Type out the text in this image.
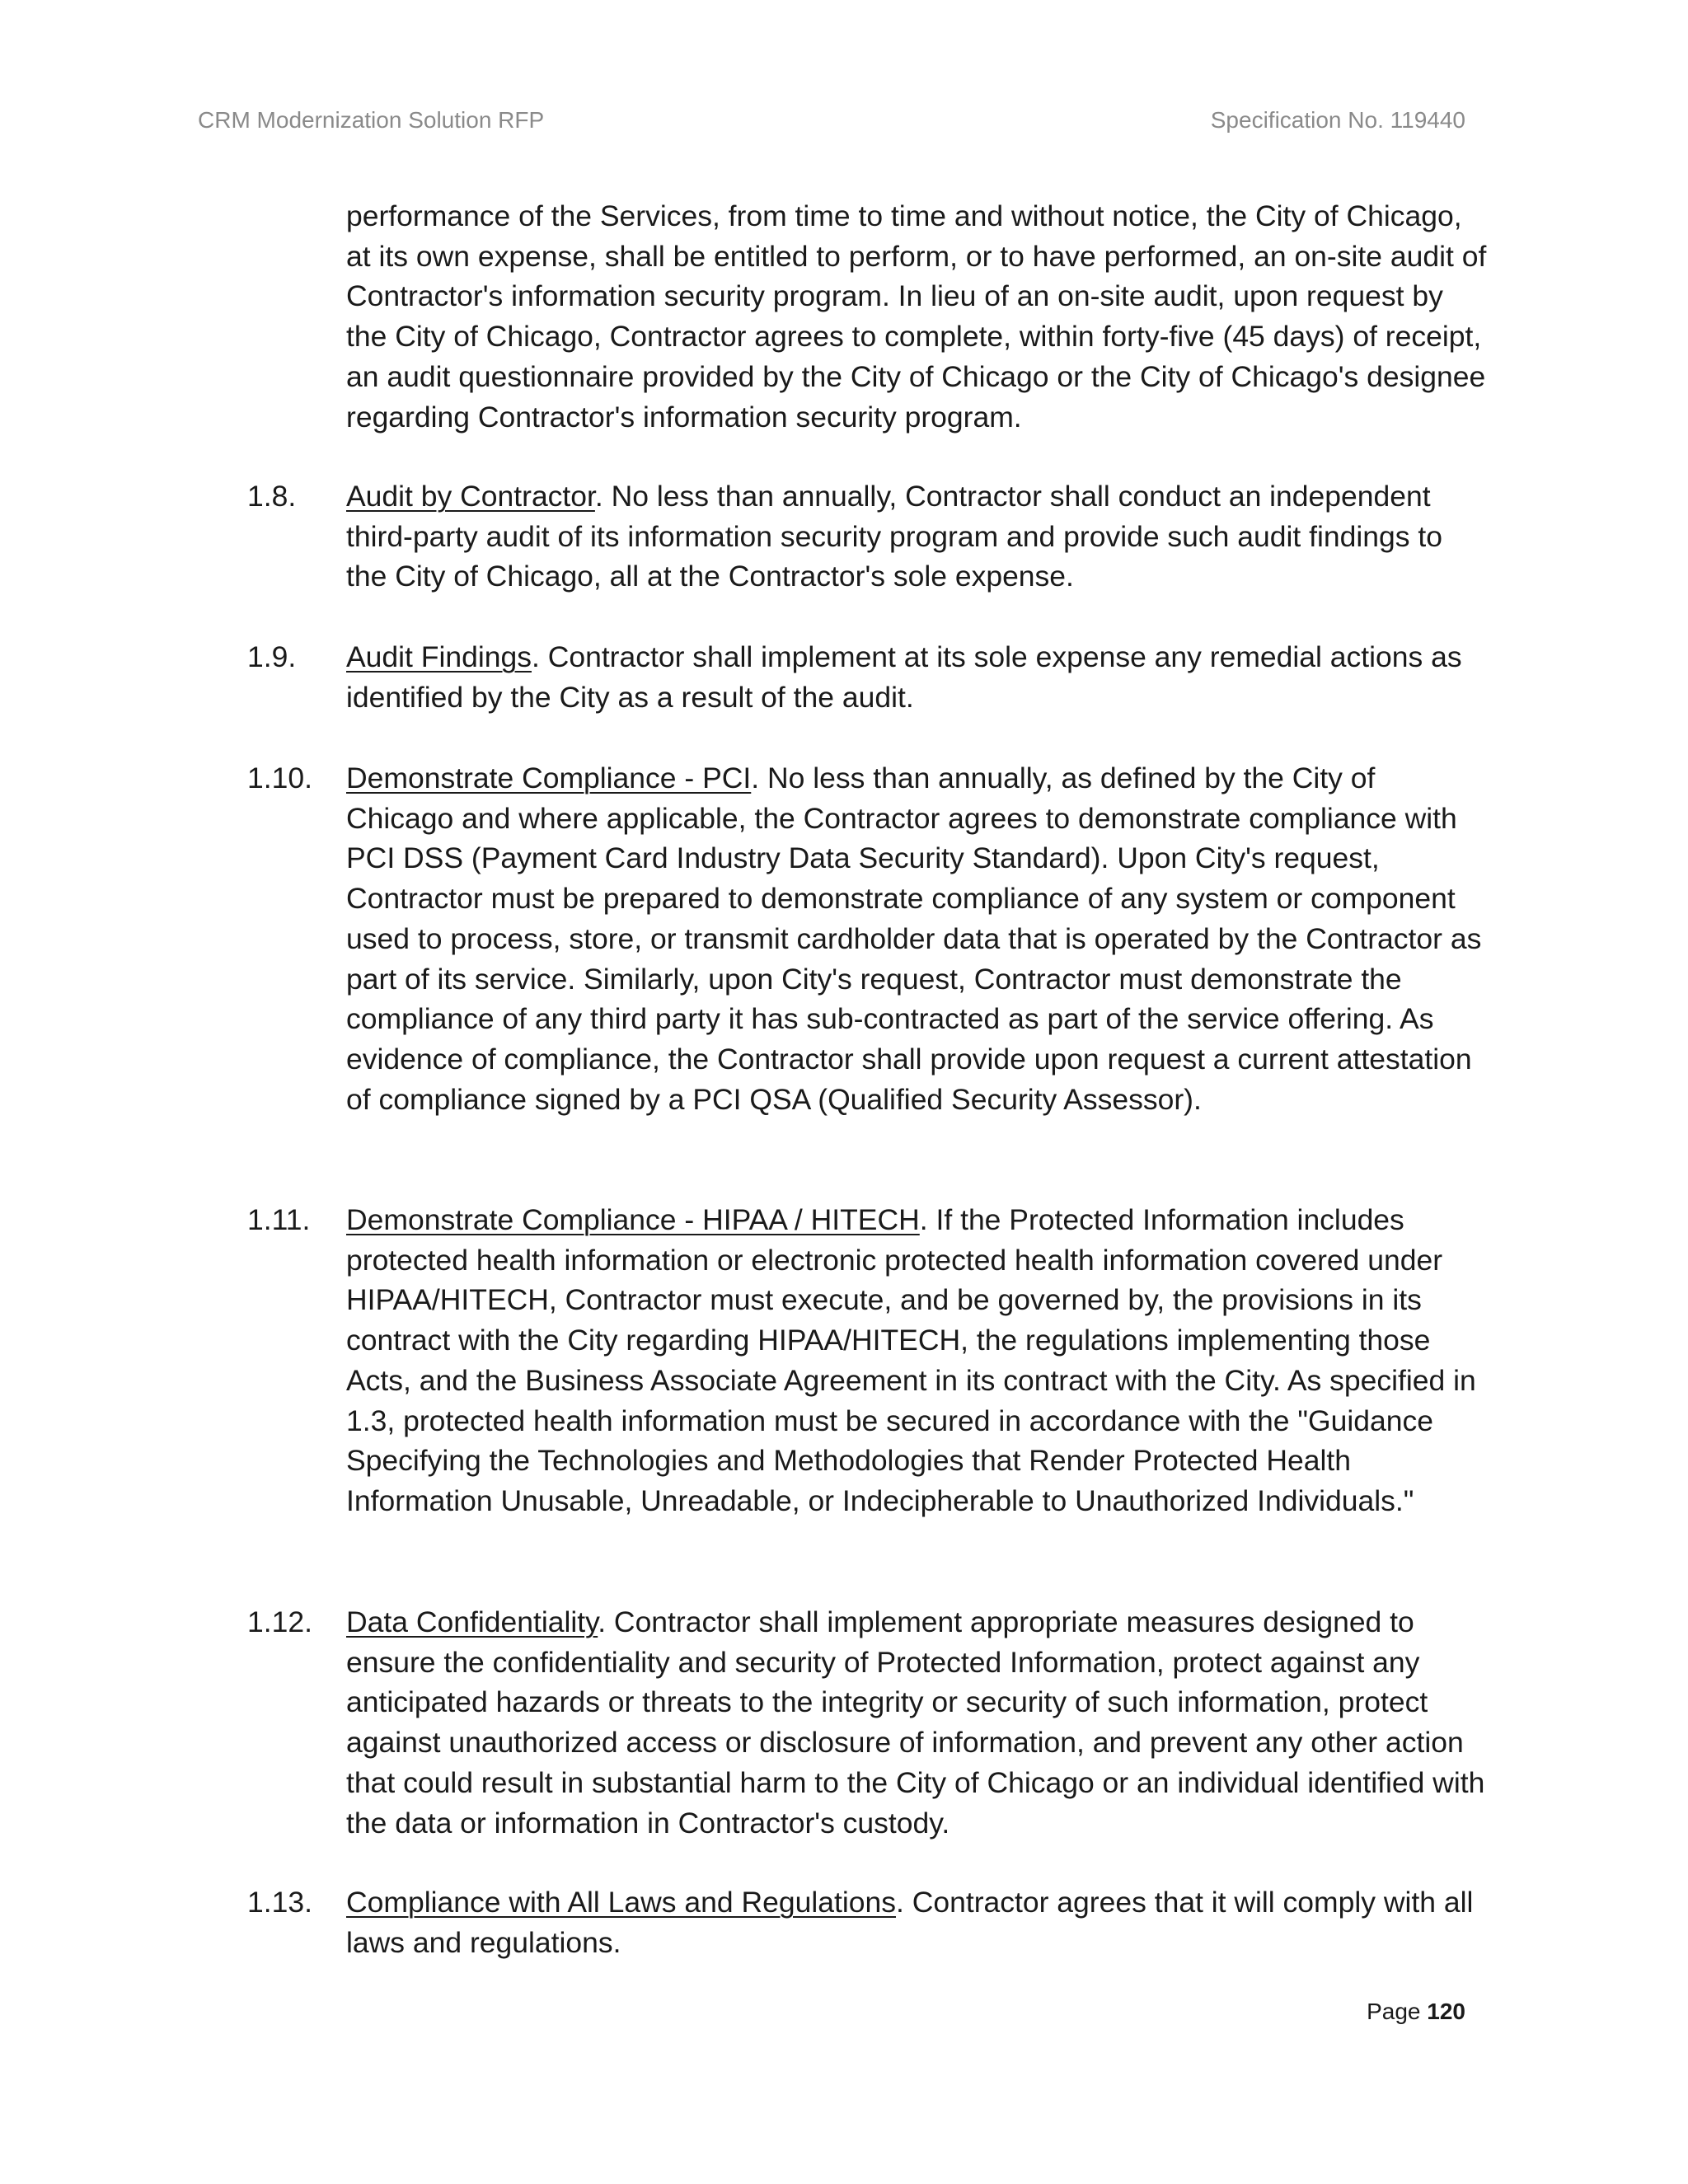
CRM Modernization Solution RFP	Specification No. 119440
performance of the Services, from time to time and without notice, the City of Chicago, at its own expense, shall be entitled to perform, or to have performed, an on-site audit of Contractor's information security program. In lieu of an on-site audit, upon request by the City of Chicago, Contractor agrees to complete, within forty-five (45 days) of receipt, an audit questionnaire provided by the City of Chicago or the City of Chicago's designee regarding Contractor's information security program.
1.8. Audit by Contractor. No less than annually, Contractor shall conduct an independent third-party audit of its information security program and provide such audit findings to the City of Chicago, all at the Contractor's sole expense.
1.9. Audit Findings. Contractor shall implement at its sole expense any remedial actions as identified by the City as a result of the audit.
1.10. Demonstrate Compliance - PCI. No less than annually, as defined by the City of Chicago and where applicable, the Contractor agrees to demonstrate compliance with PCI DSS (Payment Card Industry Data Security Standard). Upon City's request, Contractor must be prepared to demonstrate compliance of any system or component used to process, store, or transmit cardholder data that is operated by the Contractor as part of its service. Similarly, upon City's request, Contractor must demonstrate the compliance of any third party it has sub-contracted as part of the service offering. As evidence of compliance, the Contractor shall provide upon request a current attestation of compliance signed by a PCI QSA (Qualified Security Assessor).
1.11. Demonstrate Compliance - HIPAA / HITECH. If the Protected Information includes protected health information or electronic protected health information covered under HIPAA/HITECH, Contractor must execute, and be governed by, the provisions in its contract with the City regarding HIPAA/HITECH, the regulations implementing those Acts, and the Business Associate Agreement in its contract with the City. As specified in 1.3, protected health information must be secured in accordance with the "Guidance Specifying the Technologies and Methodologies that Render Protected Health Information Unusable, Unreadable, or Indecipherable to Unauthorized Individuals."
1.12. Data Confidentiality. Contractor shall implement appropriate measures designed to ensure the confidentiality and security of Protected Information, protect against any anticipated hazards or threats to the integrity or security of such information, protect against unauthorized access or disclosure of information, and prevent any other action that could result in substantial harm to the City of Chicago or an individual identified with the data or information in Contractor's custody.
1.13. Compliance with All Laws and Regulations. Contractor agrees that it will comply with all laws and regulations.
Page 120
